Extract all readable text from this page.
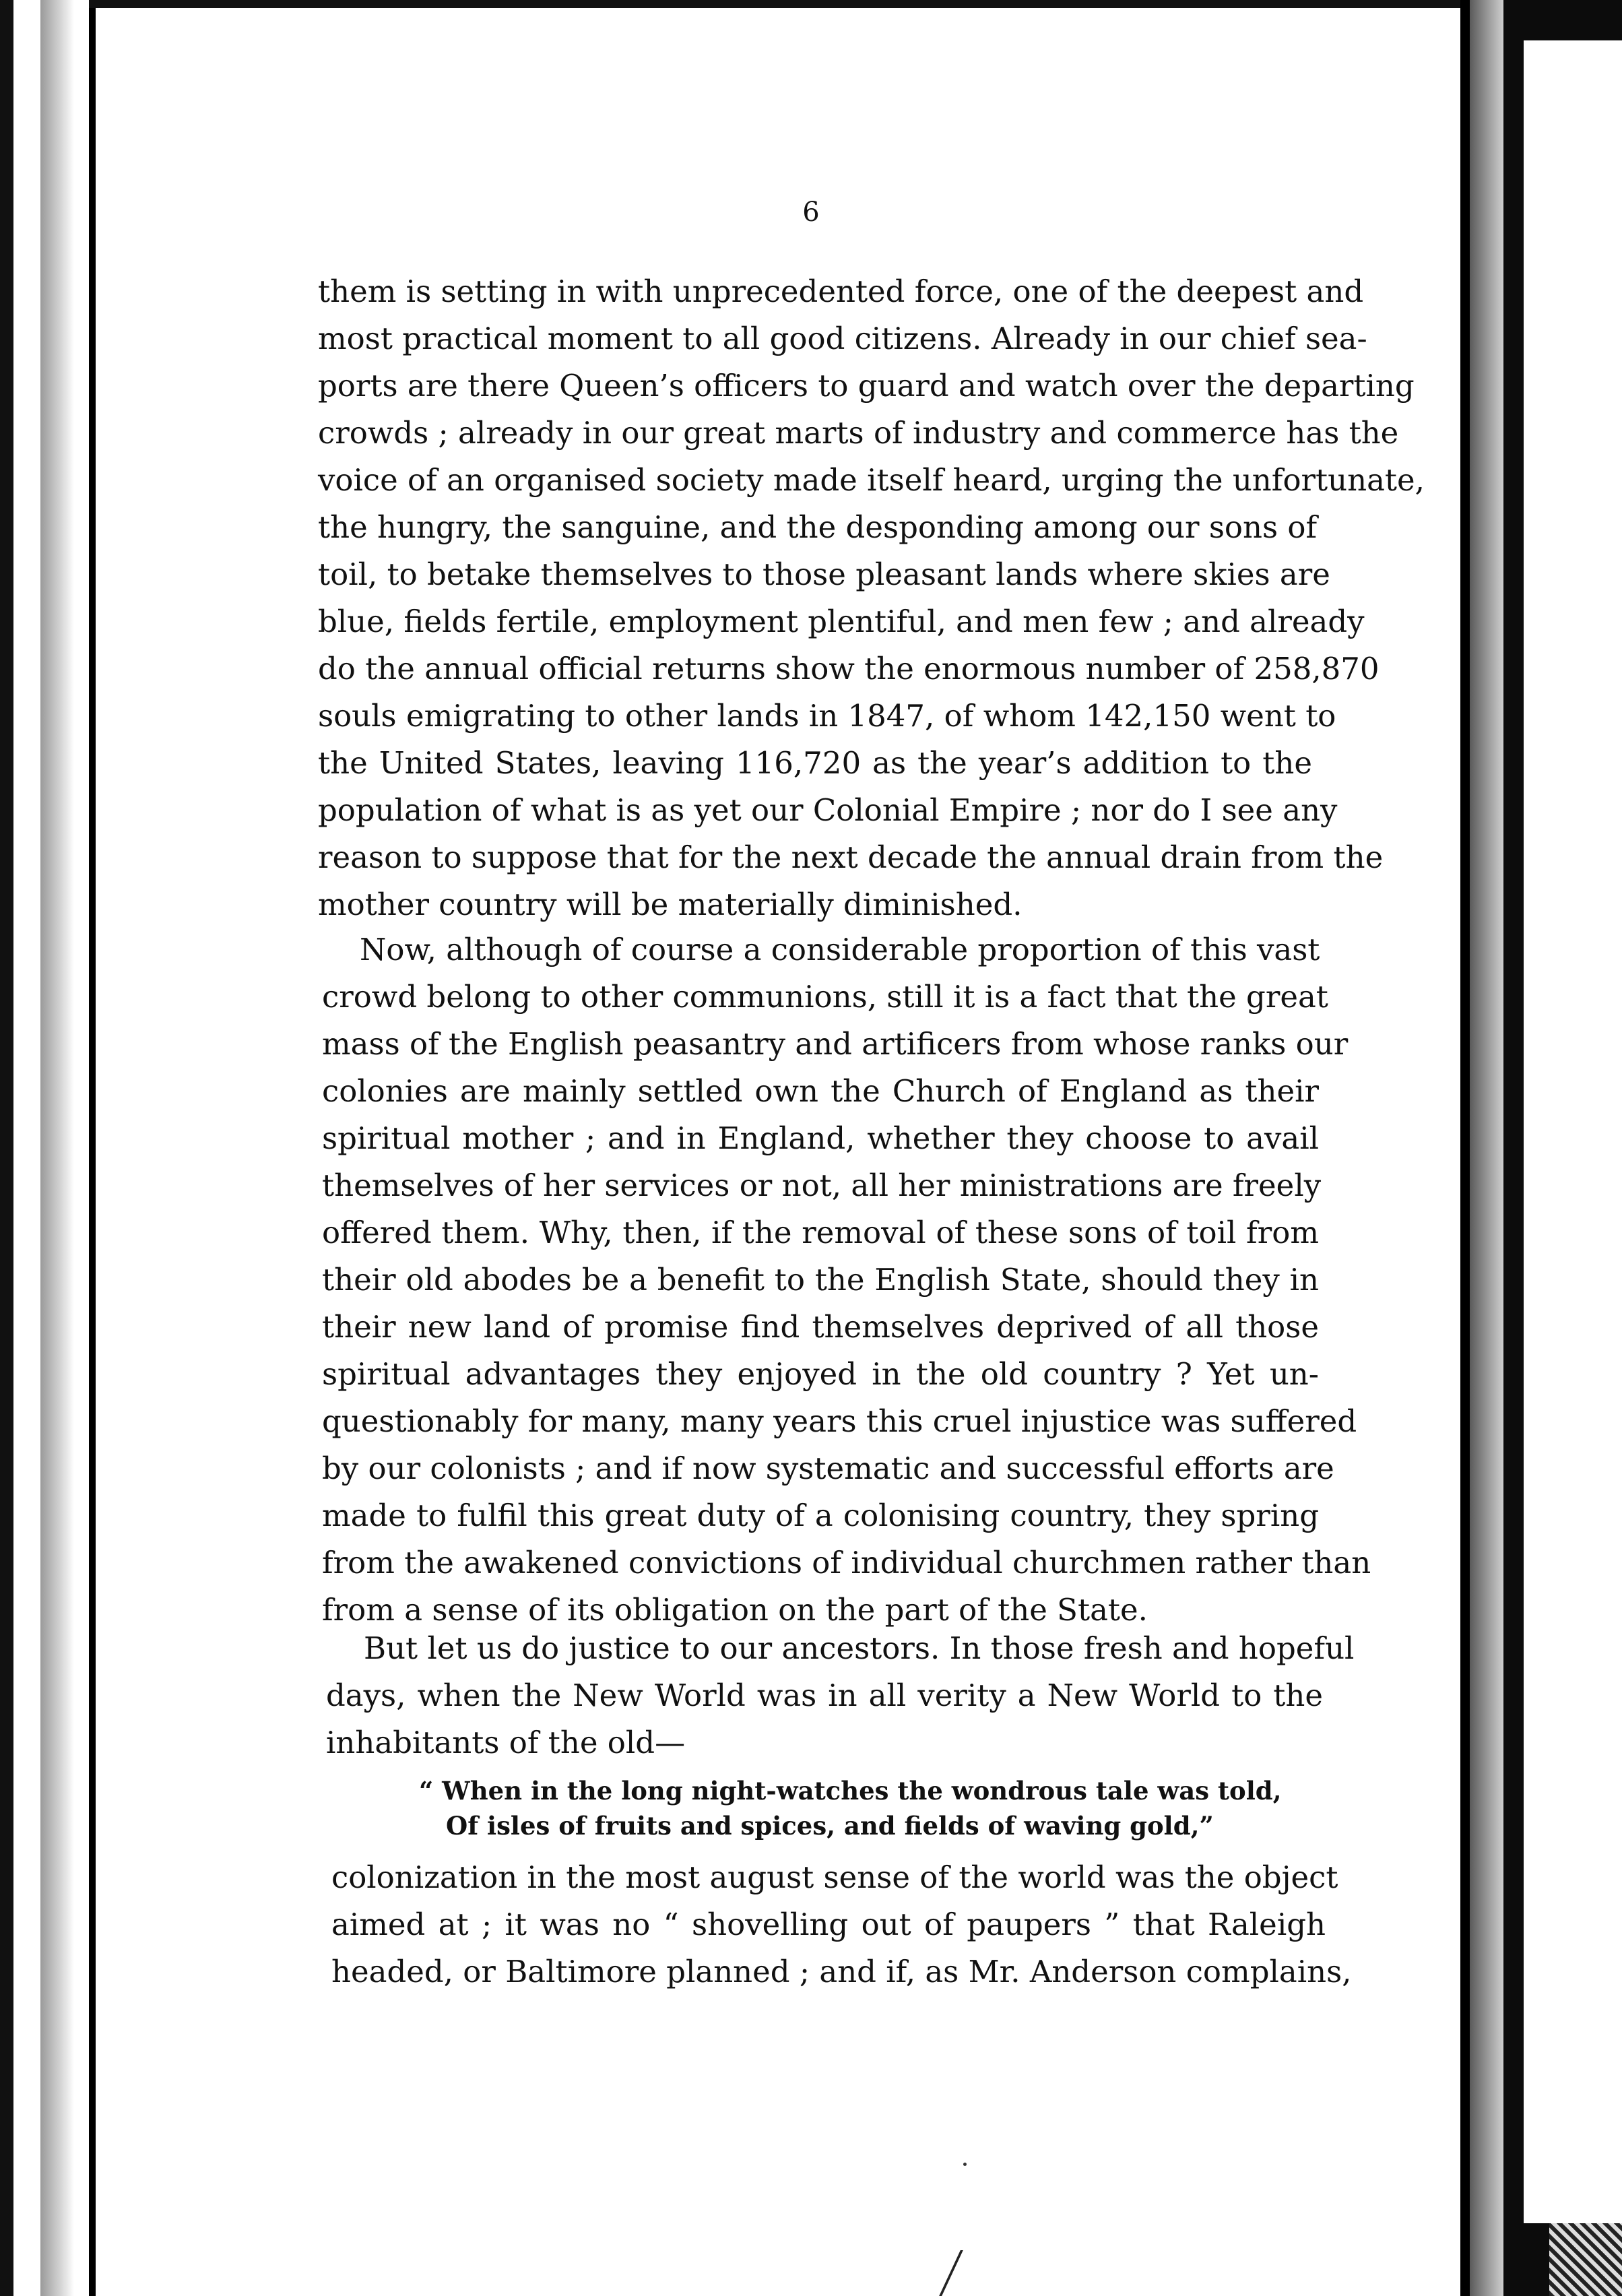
6
them is setting in with unprecedented force, one of the deepest and
most practical moment to all good citizens. Already in our chief sea-
ports are there Queen’s officers to guard and watch over the departing
crowds ; already in our great marts of industry and commerce has the
voice of an organised society made itself heard, urging the unfortunate,
the hungry, the sanguine, and the desponding among our sons of
toil, to betake themselves to those pleasant lands where skies are
blue, fields fertile, employment plentiful, and men few ; and already
do the annual official returns show the enormous number of 258,870
souls emigrating to other lands in 1847, of whom 142,150 went to
the United States, leaving 116,720 as the year’s addition to the
population of what is as yet our Colonial Empire ; nor do I see any
reason to suppose that for the next decade the annual drain from the
mother country will be materially diminished.
Now, although of course a considerable proportion of this vast
crowd belong to other communions, still it is a fact that the great
mass of the English peasantry and artificers from whose ranks our
colonies are mainly settled own the Church of England as their
spiritual mother ; and in England, whether they choose to avail
themselves of her services or not, all her ministrations are freely
offered them. Why, then, if the removal of these sons of toil from
their old abodes be a benefit to the English State, should they in
their new land of promise find themselves deprived of all those
spiritual advantages they enjoyed in the old country ? Yet un-
questionably for many, many years this cruel injustice was suffered
by our colonists ; and if now systematic and successful efforts are
made to fulfil this great duty of a colonising country, they spring
from the awakened convictions of individual churchmen rather than
from a sense of its obligation on the part of the State.
But let us do justice to our ancestors. In those fresh and hopeful
days, when the New World was in all verity a New World to the
inhabitants of the old—
“ When in the long night-watches the wondrous tale was told,
Of isles of fruits and spices, and fields of waving gold,”
colonization in the most august sense of the world was the object
aimed at ; it was no “ shovelling out of paupers ” that Raleigh
headed, or Baltimore planned ; and if, as Mr. Anderson complains,
